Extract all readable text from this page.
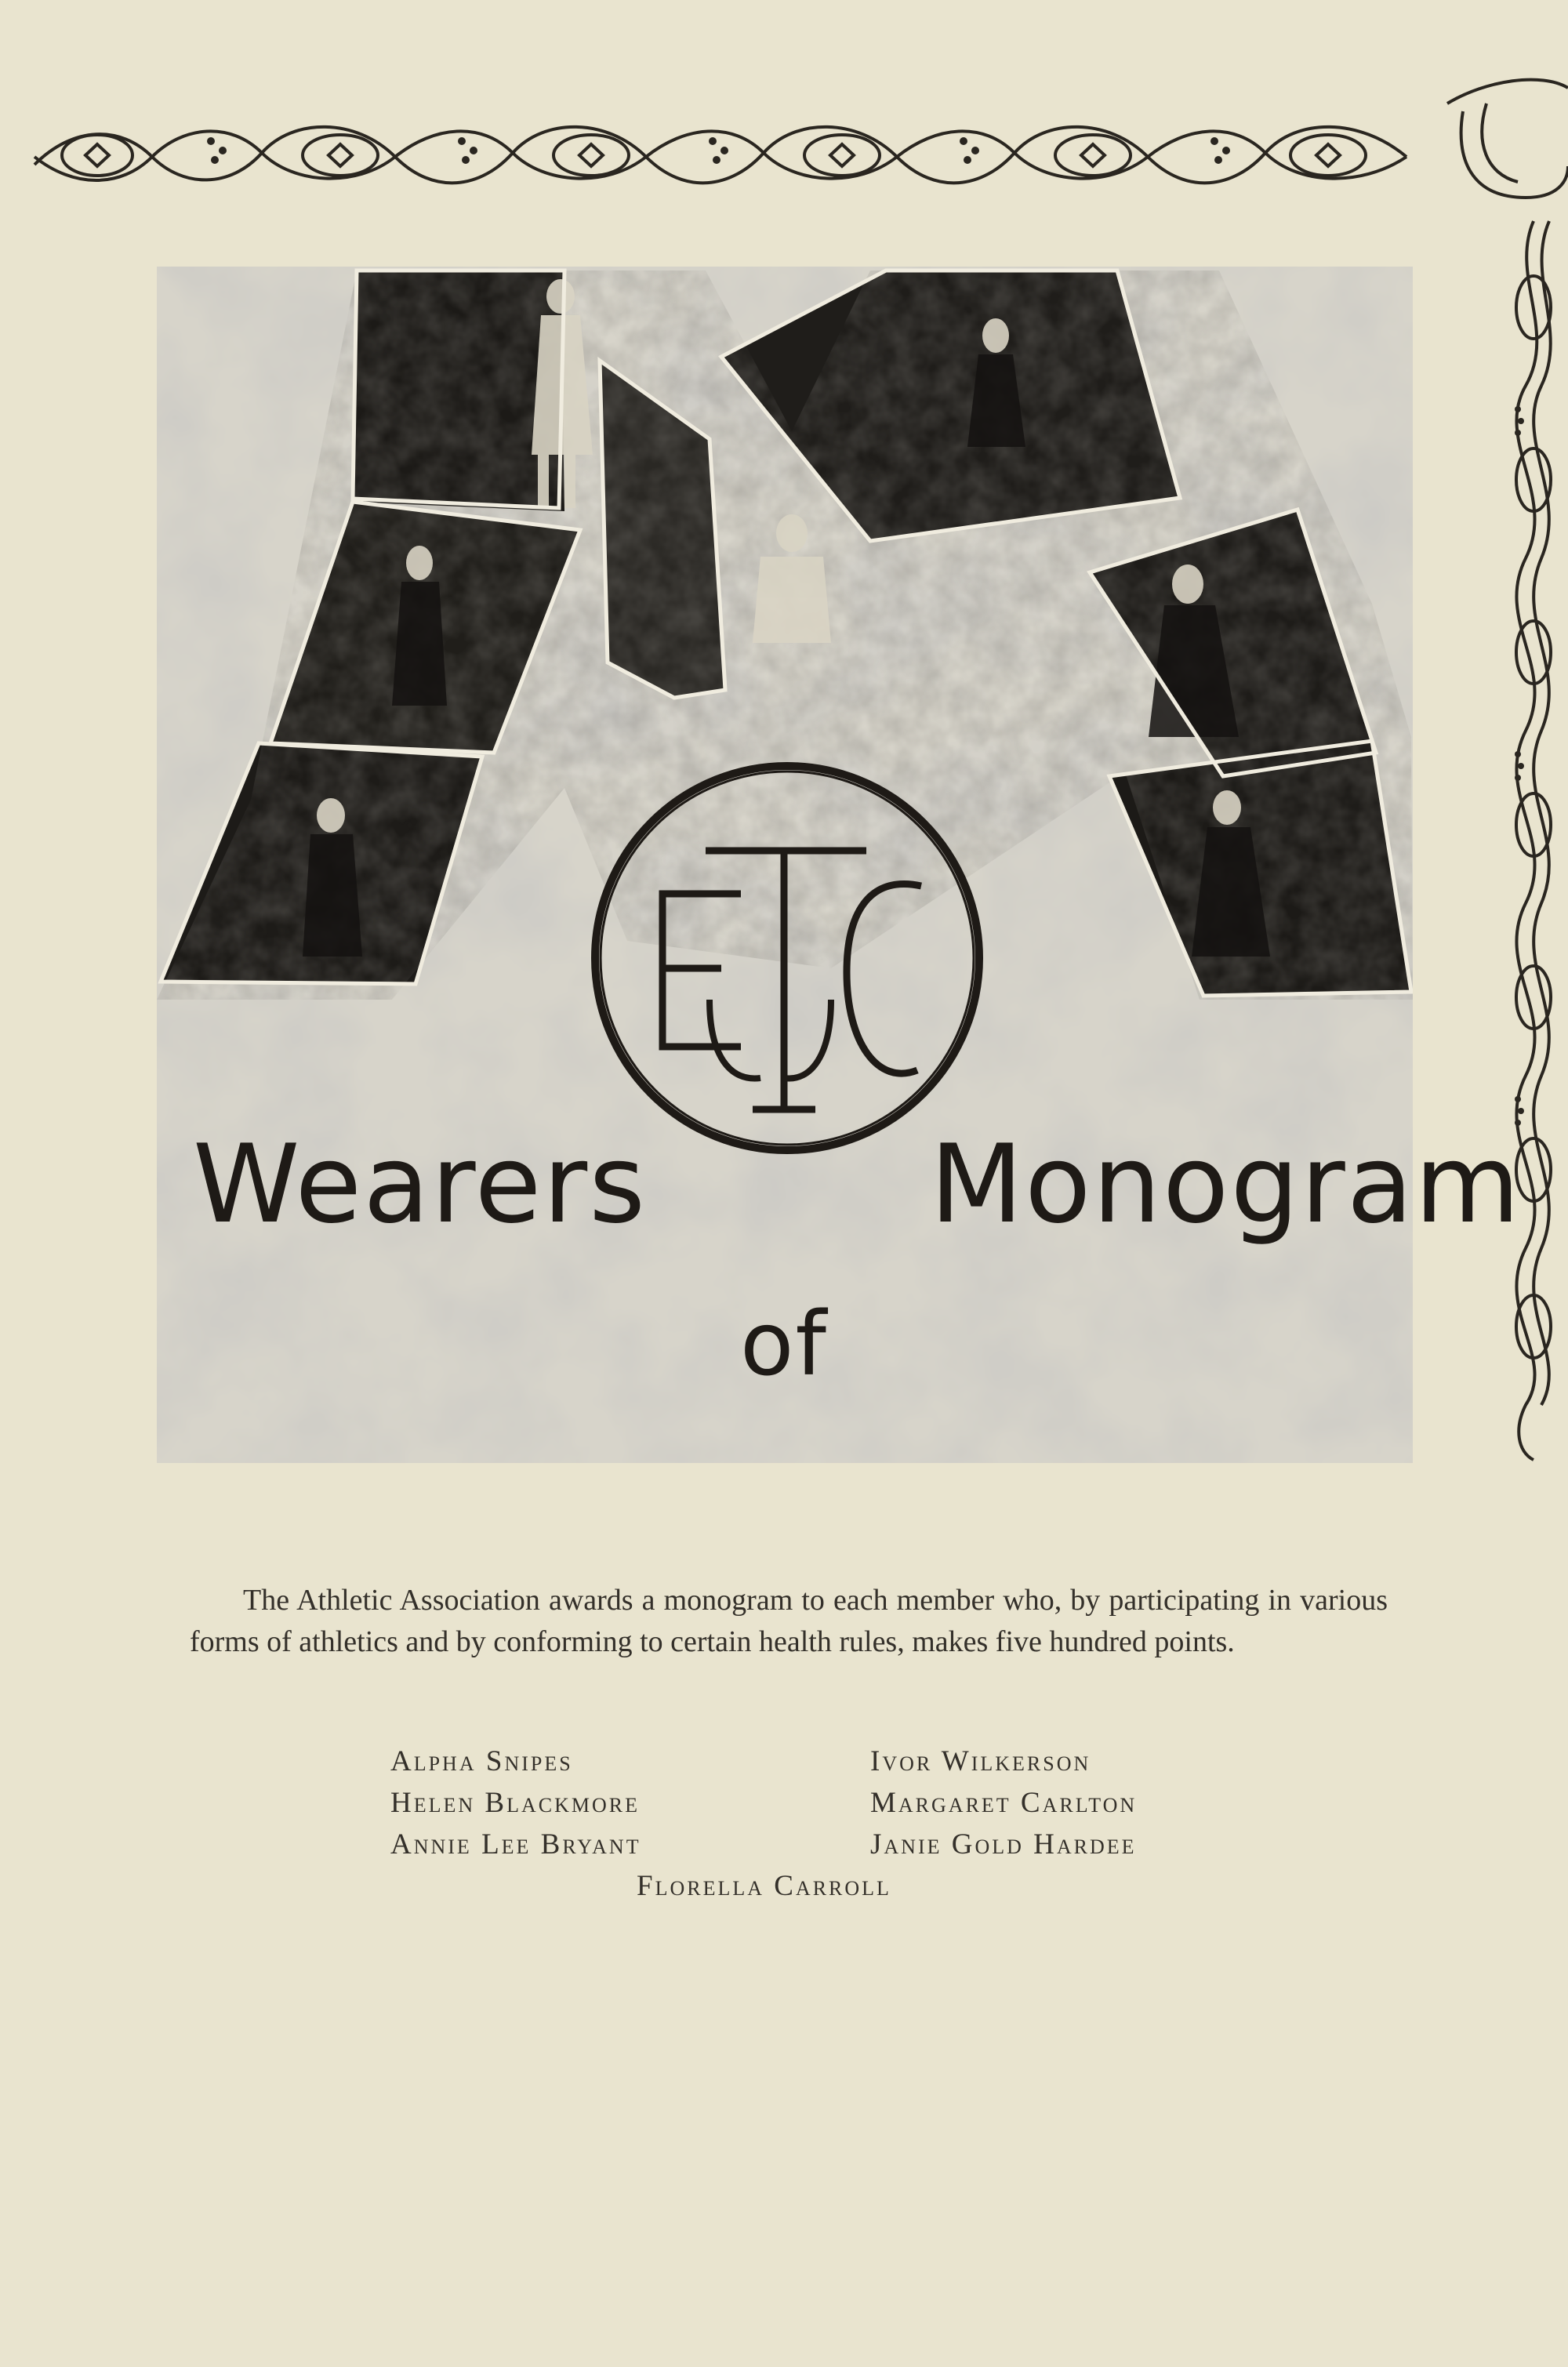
Wearers	Monogram
of

The Athletic Association awards a monogram to each member who, by participating in various forms of athletics and by conforming to certain health rules, makes five hundred points.

Alpha Snipes	Ivor Wilkerson
Helen Blackmore	Margaret Carlton
Annie Lee Bryant	Janie Gold Hardee
Florella Carroll
